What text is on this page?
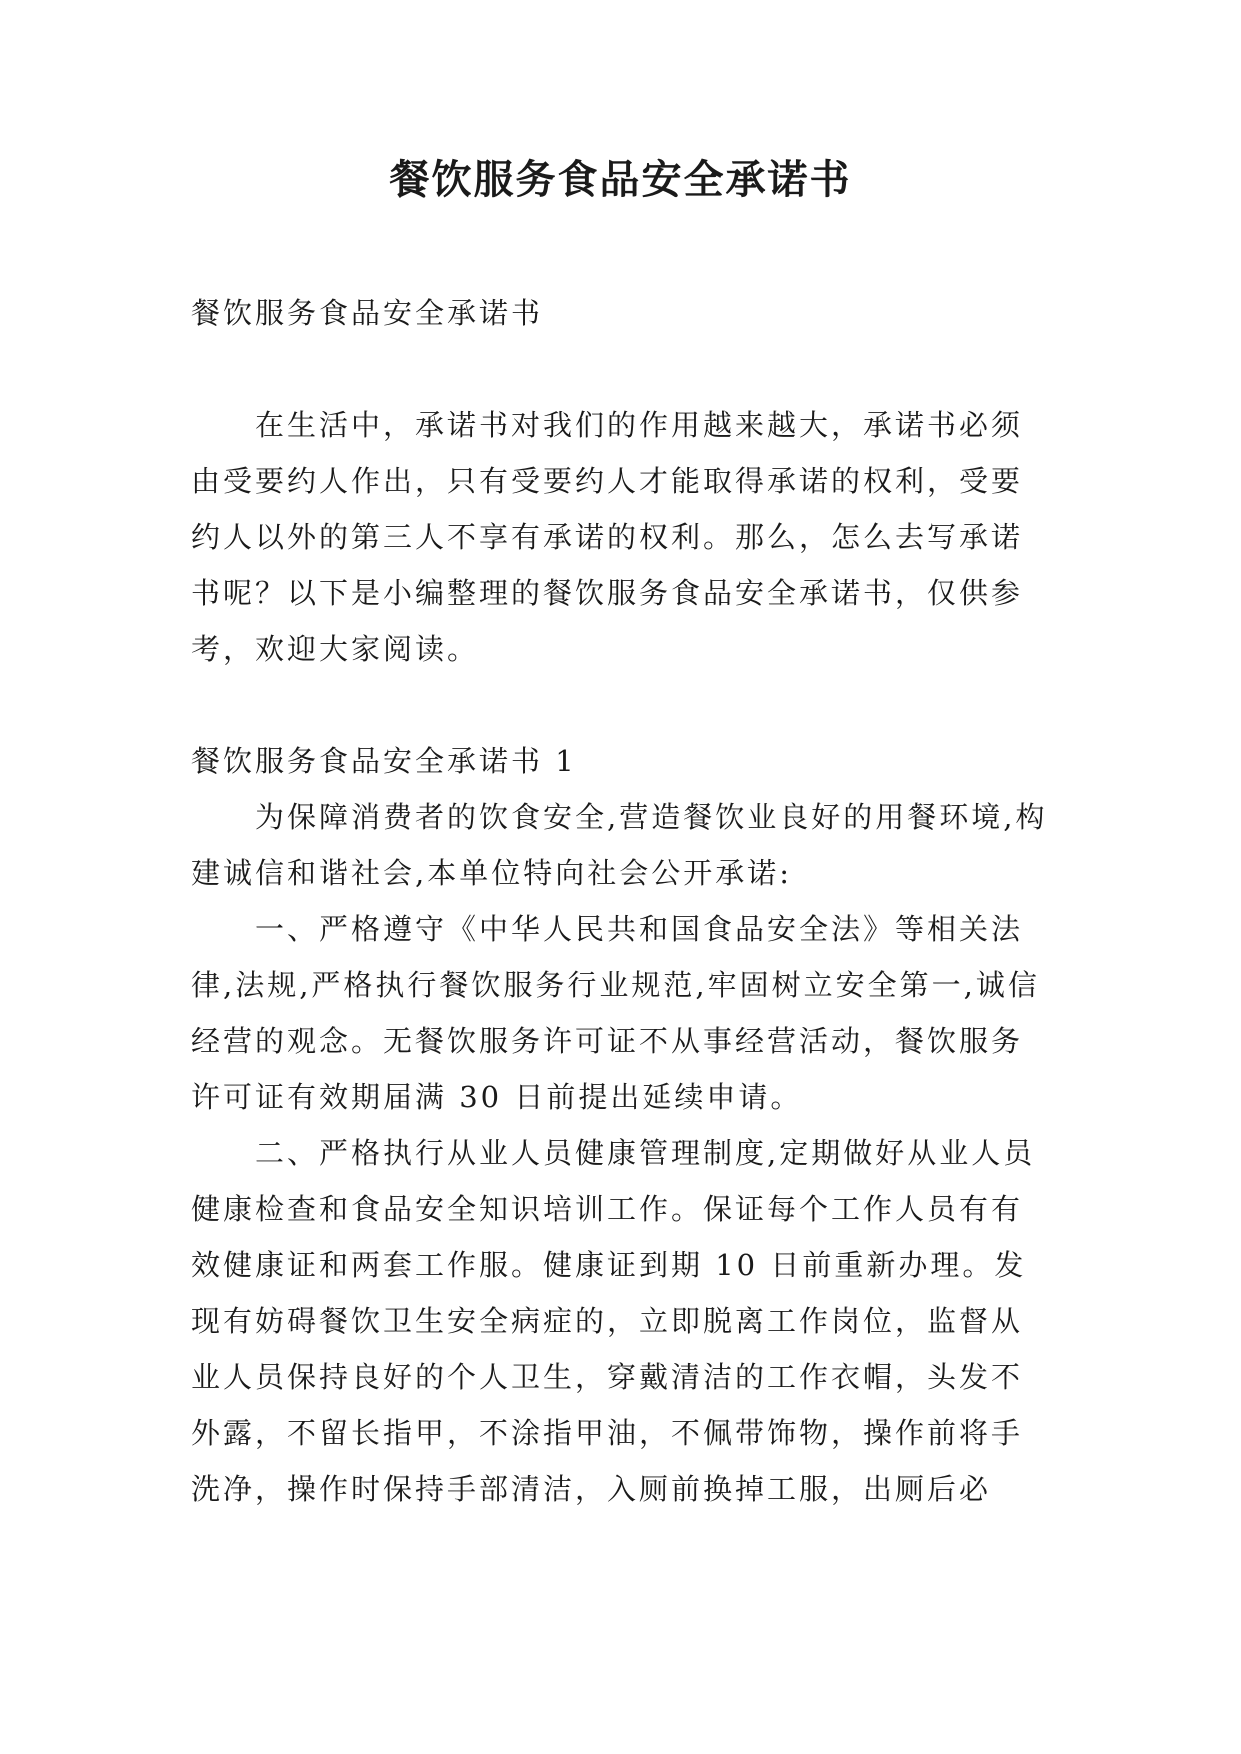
餐饮服务食品安全承诺书

餐饮服务食品安全承诺书

在生活中，承诺书对我们的作用越来越大，承诺书必须由受要约人作出，只有受要约人才能取得承诺的权利，受要约人以外的第三人不享有承诺的权利。那么，怎么去写承诺书呢？以下是小编整理的餐饮服务食品安全承诺书，仅供参考，欢迎大家阅读。

餐饮服务食品安全承诺书 1

为保障消费者的饮食安全,营造餐饮业良好的用餐环境,构建诚信和谐社会,本单位特向社会公开承诺:

一、严格遵守《中华人民共和国食品安全法》等相关法律,法规,严格执行餐饮服务行业规范,牢固树立安全第一,诚信经营的观念。无餐饮服务许可证不从事经营活动，餐饮服务许可证有效期届满 30 日前提出延续申请。

二、严格执行从业人员健康管理制度,定期做好从业人员健康检查和食品安全知识培训工作。保证每个工作人员有有效健康证和两套工作服。健康证到期 10 日前重新办理。发现有妨碍餐饮卫生安全病症的，立即脱离工作岗位，监督从业人员保持良好的个人卫生，穿戴清洁的工作衣帽，头发不外露，不留长指甲，不涂指甲油，不佩带饰物，操作前将手洗净，操作时保持手部清洁，入厕前换掉工服，出厕后必
